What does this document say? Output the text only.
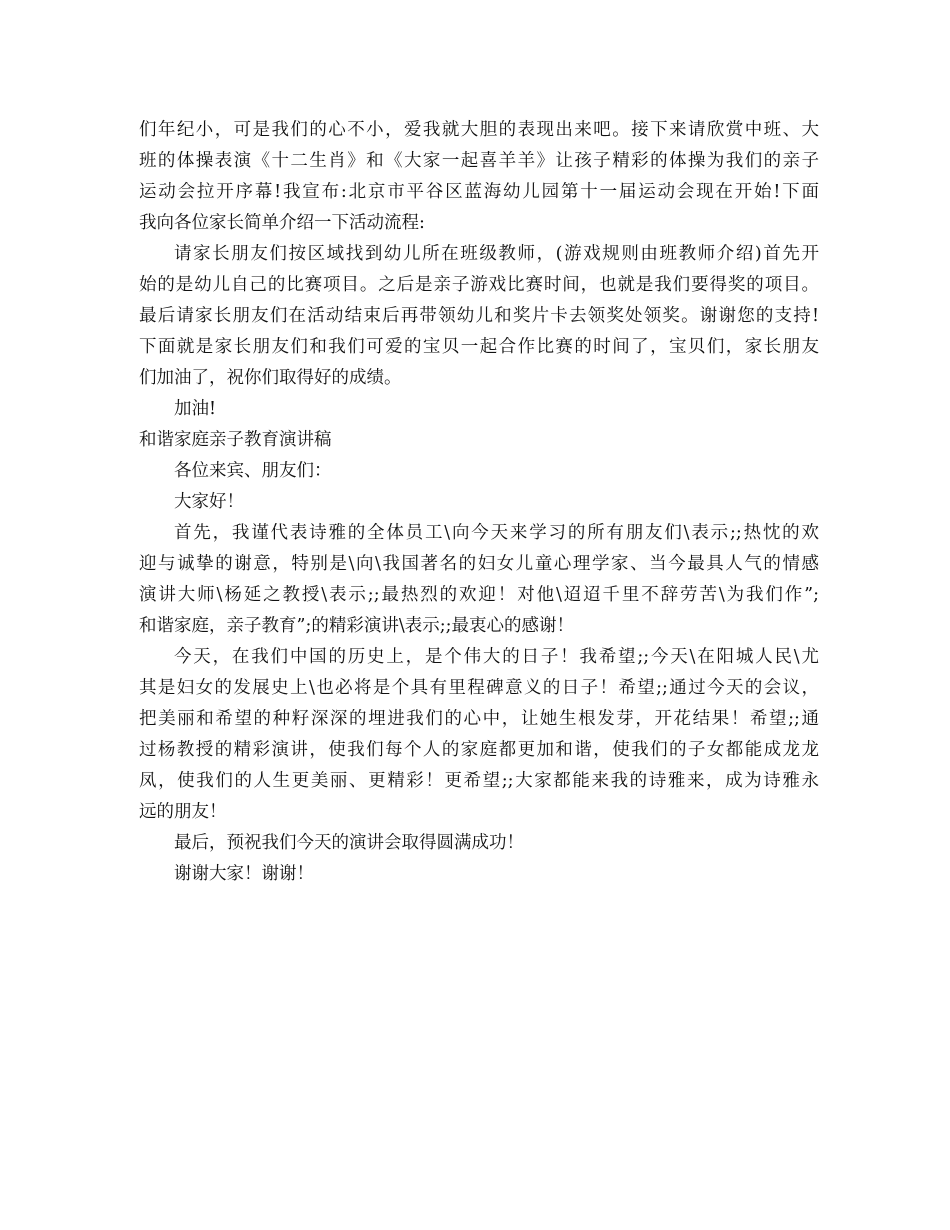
们年纪小，可是我们的心不小，爱我就大胆的表现出来吧。接下来请欣赏中班、大
班的体操表演《十二生肖》和《大家一起喜羊羊》让孩子精彩的体操为我们的亲子
运动会拉开序幕!我宣布:北京市平谷区蓝海幼儿园第十一届运动会现在开始!下面
我向各位家长简单介绍一下活动流程:
请家长朋友们按区域找到幼儿所在班级教师，(游戏规则由班教师介绍)首先开
始的是幼儿自己的比赛项目。之后是亲子游戏比赛时间，也就是我们要得奖的项目。
最后请家长朋友们在活动结束后再带领幼儿和奖片卡去领奖处领奖。谢谢您的支持!
下面就是家长朋友们和我们可爱的宝贝一起合作比赛的时间了，宝贝们，家长朋友
们加油了，祝你们取得好的成绩。
加油!
和谐家庭亲子教育演讲稿
各位来宾、朋友们：
大家好！
首先，我谨代表诗雅的全体员工\向今天来学习的所有朋友们\表示;;热忱的欢
迎与诚挚的谢意，特别是\向\我国著名的妇女儿童心理学家、当今最具人气的情感
演讲大师\杨延之教授\表示;;最热烈的欢迎！对他\迢迢千里不辞劳苦\为我们作”;
和谐家庭，亲子教育”;的精彩演讲\表示;;最衷心的感谢！
今天，在我们中国的历史上，是个伟大的日子！我希望;;今天\在阳城人民\尤
其是妇女的发展史上\也必将是个具有里程碑意义的日子！希望;;通过今天的会议，
把美丽和希望的种籽深深的埋进我们的心中，让她生根发芽，开花结果！希望;;通
过杨教授的精彩演讲，使我们每个人的家庭都更加和谐，使我们的子女都能成龙龙
凤，使我们的人生更美丽、更精彩！更希望;;大家都能来我的诗雅来，成为诗雅永
远的朋友！
最后，预祝我们今天的演讲会取得圆满成功！
谢谢大家！谢谢！
